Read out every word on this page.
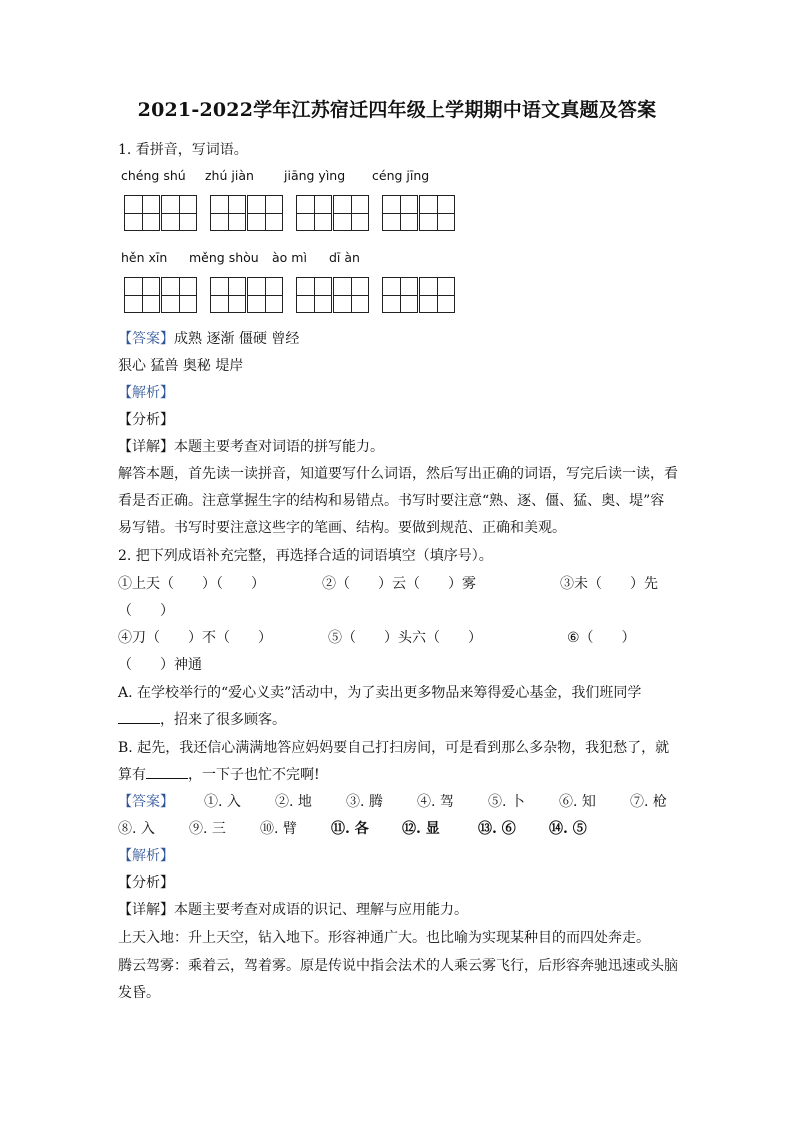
2021-2022学年江苏宿迁四年级上学期期中语文真题及答案
1. 看拼音，写词语。
chéng shú zhú jiàn jiāng yìng céng jīng
hěn xīn měng shòu ào mì dī àn
【答案】成熟 逐渐 僵硬 曾经
狠心 猛兽 奥秘 堤岸
【解析】
【分析】
【详解】本题主要考查对词语的拼写能力。
解答本题，首先读一读拼音，知道要写什么词语，然后写出正确的词语，写完后读一读，看
看是否正确。注意掌握生字的结构和易错点。书写时要注意“熟、逐、僵、猛、奥、堤”容
易写错。书写时要注意这些字的笔画、结构。要做到规范、正确和美观。
2. 把下列成语补充完整，再选择合适的词语填空（填序号）。
①上天（　　）（　　）	②（　　）云（　　）雾	③未（　　）先
（　　）
④刀（　　）不（　　）	⑤（　　）头六（　　）	⑥（　　）
（　　）神通
A. 在学校举行的“爱心义卖”活动中，为了卖出更多物品来筹得爱心基金，我们班同学
，招来了很多顾客。
B. 起先，我还信心满满地答应妈妈要自己打扫房间，可是看到那么多杂物，我犯愁了，就
算有	，一下子也忙不完啊!
【答案】 ①. 入 ②. 地 ③. 腾 ④. 驾 ⑤. 卜 ⑥. 知 ⑦. 枪
⑧. 入 ⑨. 三 ⑩. 臂 ⑪. 各 ⑫. 显	⑬. ⑥ ⑭. ⑤
【解析】
【分析】
【详解】本题主要考查对成语的识记、理解与应用能力。
上天入地：升上天空，钻入地下。形容神通广大。也比喻为实现某种目的而四处奔走。
腾云驾雾：乘着云，驾着雾。原是传说中指会法术的人乘云雾飞行，后形容奔驰迅速或头脑
发昏。
